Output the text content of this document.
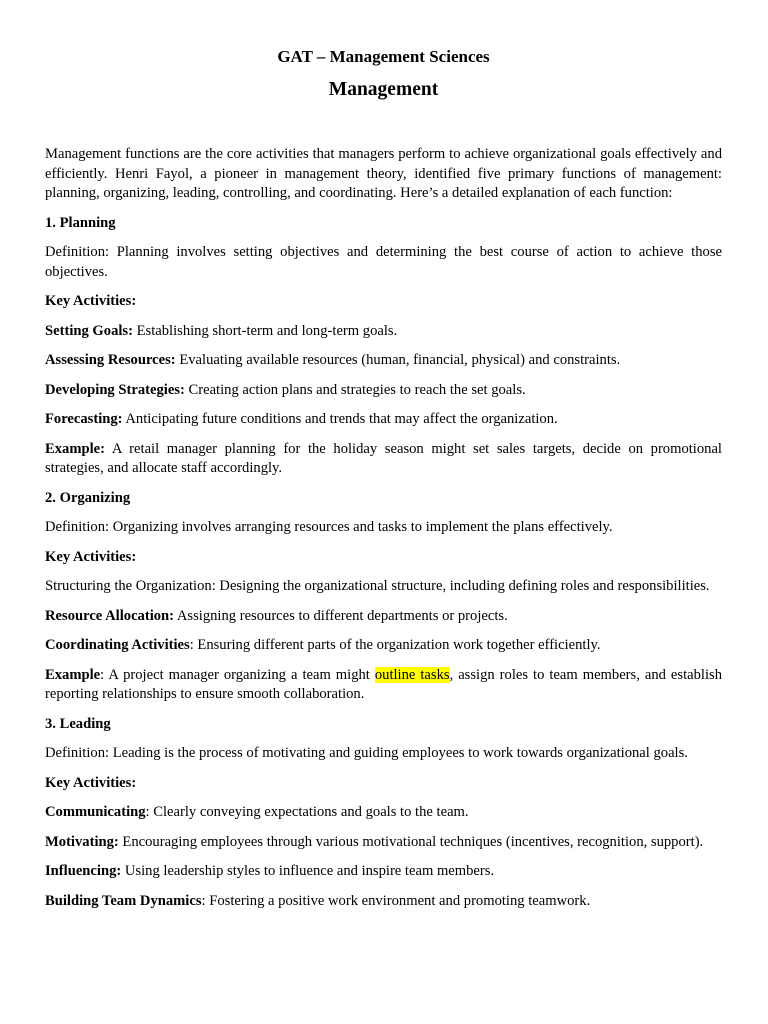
GAT – Management Sciences
Management

Management functions are the core activities that managers perform to achieve organizational goals effectively and efficiently. Henri Fayol, a pioneer in management theory, identified five primary functions of management: planning, organizing, leading, controlling, and coordinating. Here’s a detailed explanation of each function:

1. Planning

Definition: Planning involves setting objectives and determining the best course of action to achieve those objectives.

Key Activities:

Setting Goals: Establishing short-term and long-term goals.

Assessing Resources: Evaluating available resources (human, financial, physical) and constraints.

Developing Strategies: Creating action plans and strategies to reach the set goals.

Forecasting: Anticipating future conditions and trends that may affect the organization.

Example: A retail manager planning for the holiday season might set sales targets, decide on promotional strategies, and allocate staff accordingly.

2. Organizing

Definition: Organizing involves arranging resources and tasks to implement the plans effectively.

Key Activities:

Structuring the Organization: Designing the organizational structure, including defining roles and responsibilities.

Resource Allocation: Assigning resources to different departments or projects.

Coordinating Activities: Ensuring different parts of the organization work together efficiently.

Example: A project manager organizing a team might outline tasks, assign roles to team members, and establish reporting relationships to ensure smooth collaboration.

3. Leading

Definition: Leading is the process of motivating and guiding employees to work towards organizational goals.

Key Activities:

Communicating: Clearly conveying expectations and goals to the team.

Motivating: Encouraging employees through various motivational techniques (incentives, recognition, support).

Influencing: Using leadership styles to influence and inspire team members.

Building Team Dynamics: Fostering a positive work environment and promoting teamwork.
